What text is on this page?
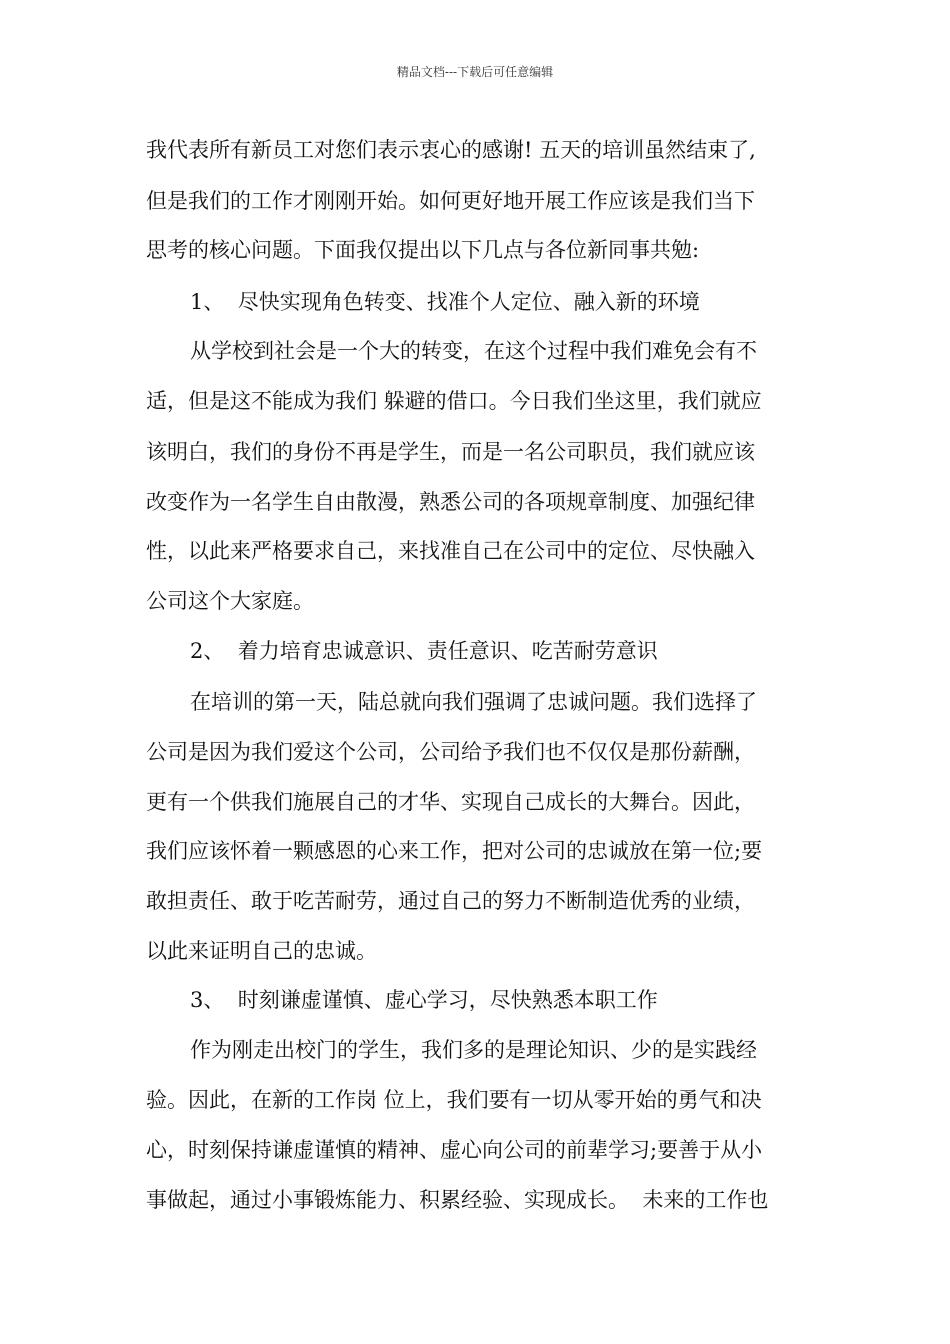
精品文档---下载后可任意编辑
我代表所有新员工对您们表示衷心的感谢! 五天的培训虽然结束了,
但是我们的工作才刚刚开始。如何更好地开展工作应该是我们当下
思考的核心问题。下面我仅提出以下几点与各位新同事共勉:
1、  尽快实现角色转变、找准个人定位、融入新的环境
从学校到社会是一个大的转变，在这个过程中我们难免会有不
适，但是这不能成为我们 躲避的借口。今日我们坐这里，我们就应
该明白，我们的身份不再是学生，而是一名公司职员，我们就应该
改变作为一名学生自由散漫，熟悉公司的各项规章制度、加强纪律
性，以此来严格要求自己，来找准自己在公司中的定位、尽快融入
公司这个大家庭。
2、  着力培育忠诚意识、责任意识、吃苦耐劳意识
在培训的第一天，陆总就向我们强调了忠诚问题。我们选择了
公司是因为我们爱这个公司，公司给予我们也不仅仅是那份薪酬，
更有一个供我们施展自己的才华、实现自己成长的大舞台。因此，
我们应该怀着一颗感恩的心来工作，把对公司的忠诚放在第一位;要
敢担责任、敢于吃苦耐劳，通过自己的努力不断制造优秀的业绩，
以此来证明自己的忠诚。
3、  时刻谦虚谨慎、虚心学习，尽快熟悉本职工作
作为刚走出校门的学生，我们多的是理论知识、少的是实践经
验。因此，在新的工作岗 位上，我们要有一切从零开始的勇气和决
心，时刻保持谦虚谨慎的精神、虚心向公司的前辈学习;要善于从小
事做起，通过小事锻炼能力、积累经验、实现成长。  未来的工作也
